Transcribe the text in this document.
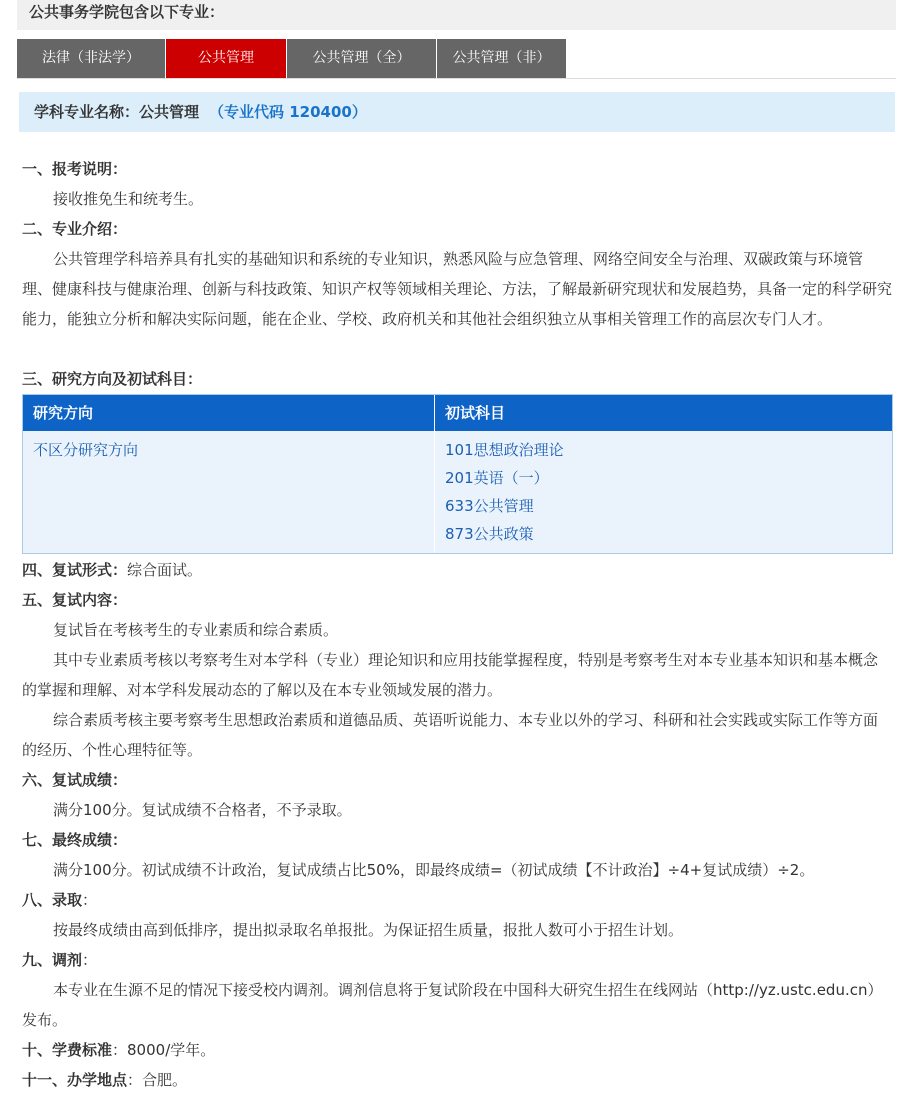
公共事务学院包含以下专业：
法律（非法学）	公共管理	公共管理（全）	公共管理（非）
学科专业名称：公共管理 （专业代码 120400）
一、报考说明：
接收推免生和统考生。
二、专业介绍：
公共管理学科培养具有扎实的基础知识和系统的专业知识，熟悉风险与应急管理、网络空间安全与治理、双碳政策与环境管理、健康科技与健康治理、创新与科技政策、知识产权等领域相关理论、方法，了解最新研究现状和发展趋势，具备一定的科学研究能力，能独立分析和解决实际问题，能在企业、学校、政府机关和其他社会组织独立从事相关管理工作的高层次专门人才。
三、研究方向及初试科目：
研究方向	初试科目
不区分研究方向	101思想政治理论
201英语（一）
633公共管理
873公共政策
四、复试形式：综合面试。
五、复试内容：
复试旨在考核考生的专业素质和综合素质。
其中专业素质考核以考察考生对本学科（专业）理论知识和应用技能掌握程度，特别是考察考生对本专业基本知识和基本概念的掌握和理解、对本学科发展动态的了解以及在本专业领域发展的潜力。
综合素质考核主要考察考生思想政治素质和道德品质、英语听说能力、本专业以外的学习、科研和社会实践或实际工作等方面的经历、个性心理特征等。
六、复试成绩：
满分100分。复试成绩不合格者，不予录取。
七、最终成绩：
满分100分。初试成绩不计政治，复试成绩占比50%，即最终成绩=（初试成绩【不计政治】÷4+复试成绩）÷2。
八、录取：
按最终成绩由高到低排序，提出拟录取名单报批。为保证招生质量，报批人数可小于招生计划。
九、调剂：
本专业在生源不足的情况下接受校内调剂。调剂信息将于复试阶段在中国科大研究生招生在线网站（http://yz.ustc.edu.cn）发布。
十、学费标准：8000/学年。
十一、办学地点：合肥。
